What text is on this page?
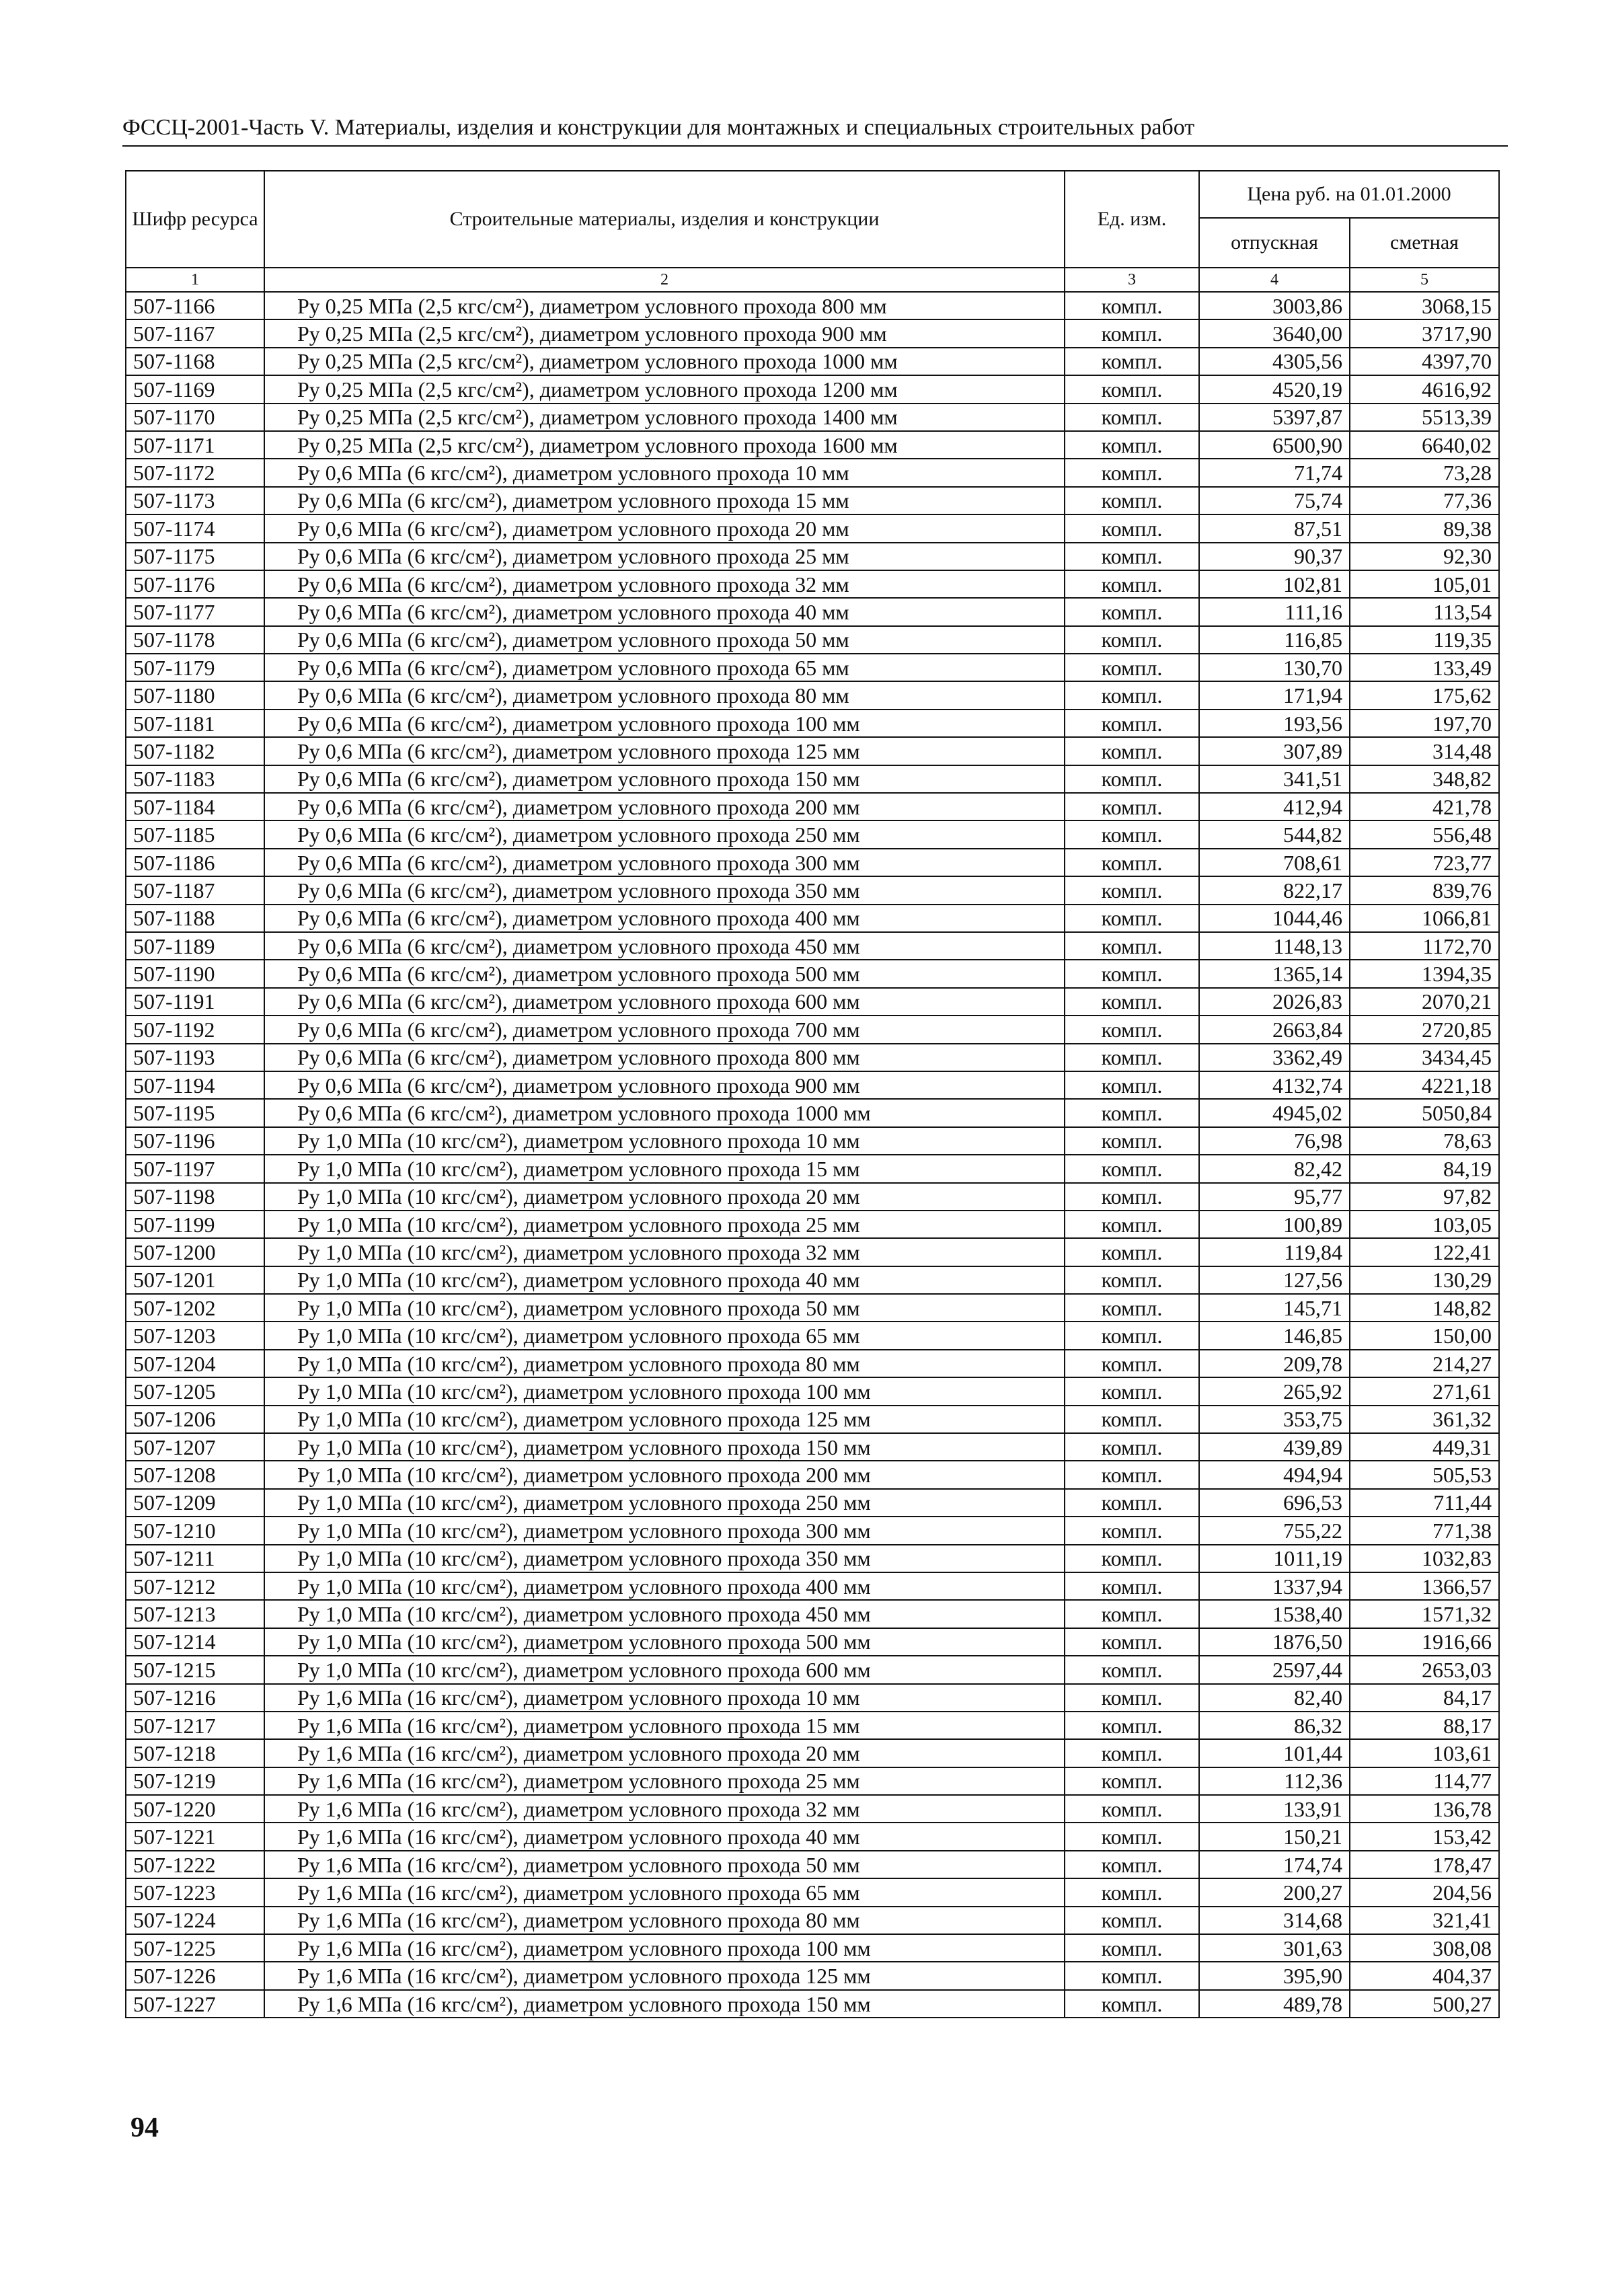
ФССЦ-2001-Часть V. Материалы, изделия и конструкции для монтажных и специальных строительных работ
Шифр ресурса	Строительные материалы, изделия и конструкции	Ед. изм.	Цена руб. на 01.01.2000	
			отпускная	сметная
1	2	3	4	5
507-1166	Ру 0,25 МПа (2,5 кгс/см²), диаметром условного прохода 800 мм	компл.	3003,86	3068,15
507-1167	Ру 0,25 МПа (2,5 кгс/см²), диаметром условного прохода 900 мм	компл.	3640,00	3717,90
507-1168	Ру 0,25 МПа (2,5 кгс/см²), диаметром условного прохода 1000 мм	компл.	4305,56	4397,70
507-1169	Ру 0,25 МПа (2,5 кгс/см²), диаметром условного прохода 1200 мм	компл.	4520,19	4616,92
507-1170	Ру 0,25 МПа (2,5 кгс/см²), диаметром условного прохода 1400 мм	компл.	5397,87	5513,39
507-1171	Ру 0,25 МПа (2,5 кгс/см²), диаметром условного прохода 1600 мм	компл.	6500,90	6640,02
507-1172	Ру 0,6 МПа (6 кгс/см²), диаметром условного прохода 10 мм	компл.	71,74	73,28
507-1173	Ру 0,6 МПа (6 кгс/см²), диаметром условного прохода 15 мм	компл.	75,74	77,36
507-1174	Ру 0,6 МПа (6 кгс/см²), диаметром условного прохода 20 мм	компл.	87,51	89,38
507-1175	Ру 0,6 МПа (6 кгс/см²), диаметром условного прохода 25 мм	компл.	90,37	92,30
507-1176	Ру 0,6 МПа (6 кгс/см²), диаметром условного прохода 32 мм	компл.	102,81	105,01
507-1177	Ру 0,6 МПа (6 кгс/см²), диаметром условного прохода 40 мм	компл.	111,16	113,54
507-1178	Ру 0,6 МПа (6 кгс/см²), диаметром условного прохода 50 мм	компл.	116,85	119,35
507-1179	Ру 0,6 МПа (6 кгс/см²), диаметром условного прохода 65 мм	компл.	130,70	133,49
507-1180	Ру 0,6 МПа (6 кгс/см²), диаметром условного прохода 80 мм	компл.	171,94	175,62
507-1181	Ру 0,6 МПа (6 кгс/см²), диаметром условного прохода 100 мм	компл.	193,56	197,70
507-1182	Ру 0,6 МПа (6 кгс/см²), диаметром условного прохода 125 мм	компл.	307,89	314,48
507-1183	Ру 0,6 МПа (6 кгс/см²), диаметром условного прохода 150 мм	компл.	341,51	348,82
507-1184	Ру 0,6 МПа (6 кгс/см²), диаметром условного прохода 200 мм	компл.	412,94	421,78
507-1185	Ру 0,6 МПа (6 кгс/см²), диаметром условного прохода 250 мм	компл.	544,82	556,48
507-1186	Ру 0,6 МПа (6 кгс/см²), диаметром условного прохода 300 мм	компл.	708,61	723,77
507-1187	Ру 0,6 МПа (6 кгс/см²), диаметром условного прохода 350 мм	компл.	822,17	839,76
507-1188	Ру 0,6 МПа (6 кгс/см²), диаметром условного прохода 400 мм	компл.	1044,46	1066,81
507-1189	Ру 0,6 МПа (6 кгс/см²), диаметром условного прохода 450 мм	компл.	1148,13	1172,70
507-1190	Ру 0,6 МПа (6 кгс/см²), диаметром условного прохода 500 мм	компл.	1365,14	1394,35
507-1191	Ру 0,6 МПа (6 кгс/см²), диаметром условного прохода 600 мм	компл.	2026,83	2070,21
507-1192	Ру 0,6 МПа (6 кгс/см²), диаметром условного прохода 700 мм	компл.	2663,84	2720,85
507-1193	Ру 0,6 МПа (6 кгс/см²), диаметром условного прохода 800 мм	компл.	3362,49	3434,45
507-1194	Ру 0,6 МПа (6 кгс/см²), диаметром условного прохода 900 мм	компл.	4132,74	4221,18
507-1195	Ру 0,6 МПа (6 кгс/см²), диаметром условного прохода 1000 мм	компл.	4945,02	5050,84
507-1196	Ру 1,0 МПа (10 кгс/см²), диаметром условного прохода 10 мм	компл.	76,98	78,63
507-1197	Ру 1,0 МПа (10 кгс/см²), диаметром условного прохода 15 мм	компл.	82,42	84,19
507-1198	Ру 1,0 МПа (10 кгс/см²), диаметром условного прохода 20 мм	компл.	95,77	97,82
507-1199	Ру 1,0 МПа (10 кгс/см²), диаметром условного прохода 25 мм	компл.	100,89	103,05
507-1200	Ру 1,0 МПа (10 кгс/см²), диаметром условного прохода 32 мм	компл.	119,84	122,41
507-1201	Ру 1,0 МПа (10 кгс/см²), диаметром условного прохода 40 мм	компл.	127,56	130,29
507-1202	Ру 1,0 МПа (10 кгс/см²), диаметром условного прохода 50 мм	компл.	145,71	148,82
507-1203	Ру 1,0 МПа (10 кгс/см²), диаметром условного прохода 65 мм	компл.	146,85	150,00
507-1204	Ру 1,0 МПа (10 кгс/см²), диаметром условного прохода 80 мм	компл.	209,78	214,27
507-1205	Ру 1,0 МПа (10 кгс/см²), диаметром условного прохода 100 мм	компл.	265,92	271,61
507-1206	Ру 1,0 МПа (10 кгс/см²), диаметром условного прохода 125 мм	компл.	353,75	361,32
507-1207	Ру 1,0 МПа (10 кгс/см²), диаметром условного прохода 150 мм	компл.	439,89	449,31
507-1208	Ру 1,0 МПа (10 кгс/см²), диаметром условного прохода 200 мм	компл.	494,94	505,53
507-1209	Ру 1,0 МПа (10 кгс/см²), диаметром условного прохода 250 мм	компл.	696,53	711,44
507-1210	Ру 1,0 МПа (10 кгс/см²), диаметром условного прохода 300 мм	компл.	755,22	771,38
507-1211	Ру 1,0 МПа (10 кгс/см²), диаметром условного прохода 350 мм	компл.	1011,19	1032,83
507-1212	Ру 1,0 МПа (10 кгс/см²), диаметром условного прохода 400 мм	компл.	1337,94	1366,57
507-1213	Ру 1,0 МПа (10 кгс/см²), диаметром условного прохода 450 мм	компл.	1538,40	1571,32
507-1214	Ру 1,0 МПа (10 кгс/см²), диаметром условного прохода 500 мм	компл.	1876,50	1916,66
507-1215	Ру 1,0 МПа (10 кгс/см²), диаметром условного прохода 600 мм	компл.	2597,44	2653,03
507-1216	Ру 1,6 МПа (16 кгс/см²), диаметром условного прохода 10 мм	компл.	82,40	84,17
507-1217	Ру 1,6 МПа (16 кгс/см²), диаметром условного прохода 15 мм	компл.	86,32	88,17
507-1218	Ру 1,6 МПа (16 кгс/см²), диаметром условного прохода 20 мм	компл.	101,44	103,61
507-1219	Ру 1,6 МПа (16 кгс/см²), диаметром условного прохода 25 мм	компл.	112,36	114,77
507-1220	Ру 1,6 МПа (16 кгс/см²), диаметром условного прохода 32 мм	компл.	133,91	136,78
507-1221	Ру 1,6 МПа (16 кгс/см²), диаметром условного прохода 40 мм	компл.	150,21	153,42
507-1222	Ру 1,6 МПа (16 кгс/см²), диаметром условного прохода 50 мм	компл.	174,74	178,47
507-1223	Ру 1,6 МПа (16 кгс/см²), диаметром условного прохода 65 мм	компл.	200,27	204,56
507-1224	Ру 1,6 МПа (16 кгс/см²), диаметром условного прохода 80 мм	компл.	314,68	321,41
507-1225	Ру 1,6 МПа (16 кгс/см²), диаметром условного прохода 100 мм	компл.	301,63	308,08
507-1226	Ру 1,6 МПа (16 кгс/см²), диаметром условного прохода 125 мм	компл.	395,90	404,37
507-1227	Ру 1,6 МПа (16 кгс/см²), диаметром условного прохода 150 мм	компл.	489,78	500,27
94
